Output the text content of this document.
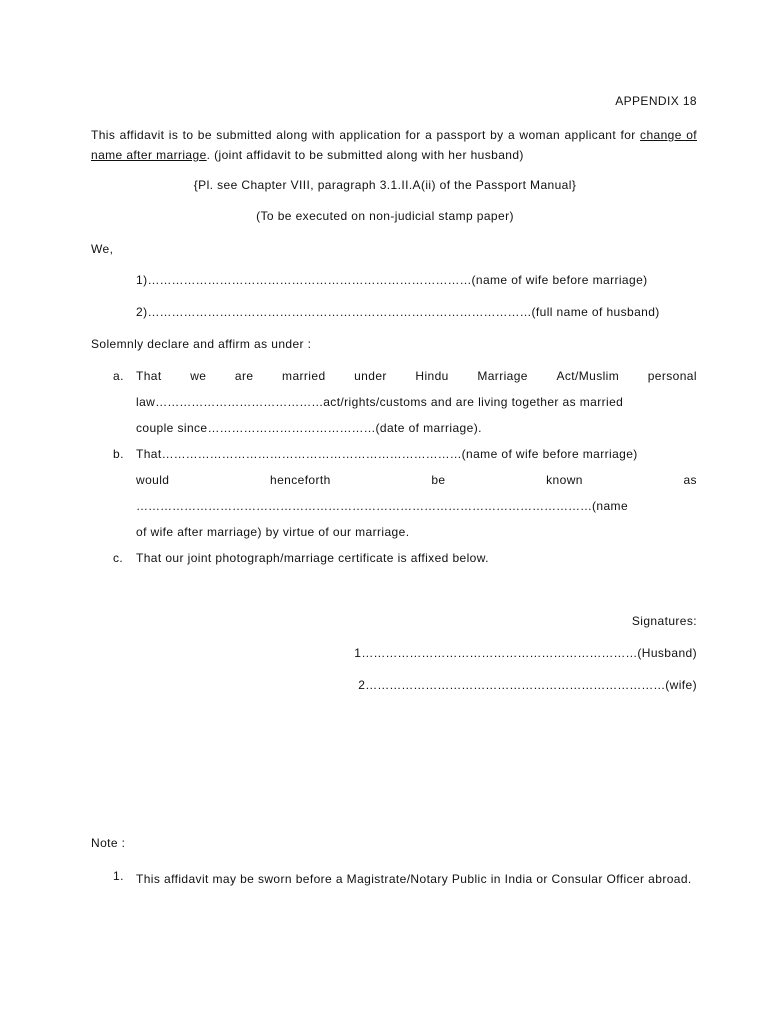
APPENDIX 18
This affidavit is to be submitted along with application for a passport by a woman applicant for change of name after marriage. (joint affidavit to be submitted along with her husband)
{Pl. see Chapter VIII, paragraph 3.1.II.A(ii) of the Passport Manual}
(To be executed on non-judicial stamp paper)
We,
1)………………………………………………………………………(name of wife before marriage)
2)……………………………………………………………………………………(full name of husband)
Solemnly declare and affirm as under :
a. That we are married under Hindu Marriage Act/Muslim personal
law……………………………………act/rights/customs and are living together as married
couple since……………………………………(date of marriage).
b. That…………………………………………………………………(name of wife before marriage)
would	henceforth	be	known	as
……………………………………………………………………………………………………(name
of wife after marriage) by virtue of our marriage.
c. That our joint photograph/marriage certificate is affixed below.
Signatures:
1……………………………………………………………(Husband)
2…………………………………………………………………(wife)
Note :
1. This affidavit may be sworn before a Magistrate/Notary Public in India or Consular Officer abroad.
